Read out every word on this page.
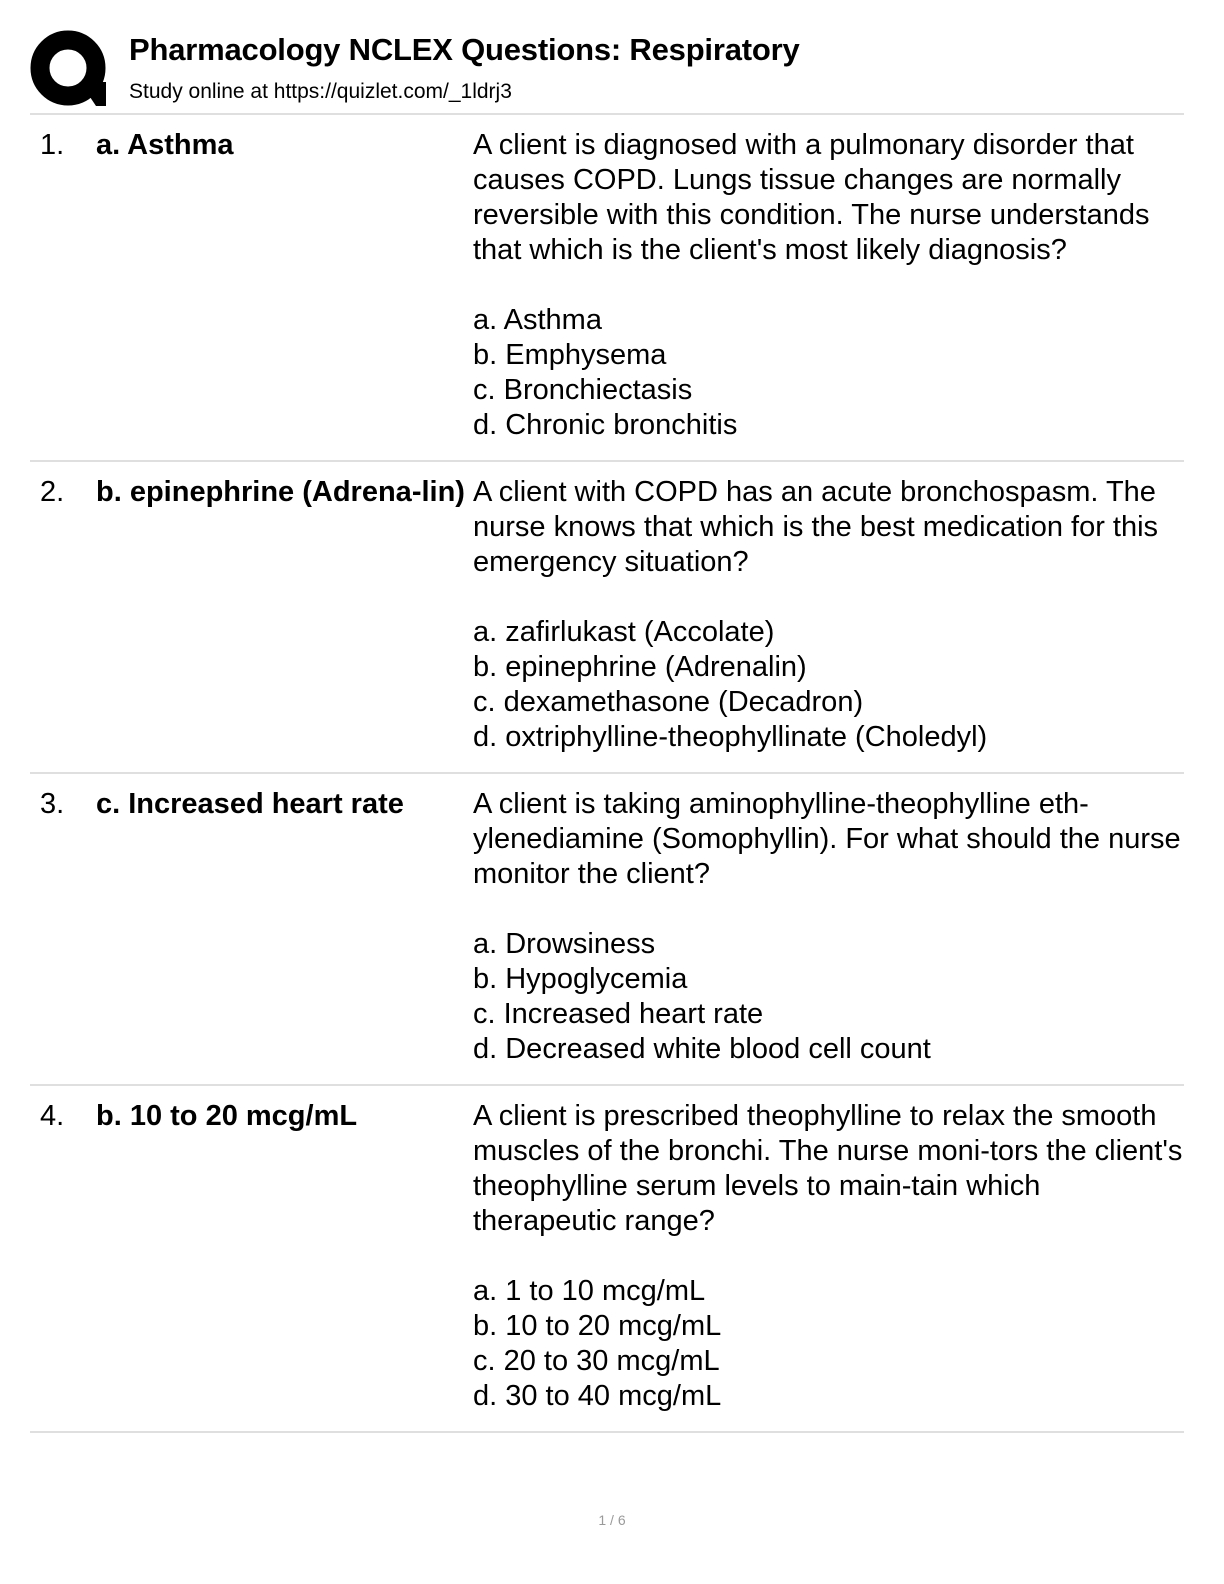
Pharmacology NCLEX Questions: Respiratory
Study online at https://quizlet.com/_1ldrj3
1. a. Asthma	A client is diagnosed with a pulmonary disorder that causes COPD. Lungs tissue changes are normally reversible with this condition. The nurse understands that which is the client's most likely diagnosis?

a. Asthma
b. Emphysema
c. Bronchiectasis
d. Chronic bronchitis

2. b. epinephrine (Adrena-lin) A client with COPD has an acute bronchospasm. The nurse knows that which is the best medication for this emergency situation?

a. zafirlukast (Accolate)
b. epinephrine (Adrenalin)
c. dexamethasone (Decadron)
d. oxtriphylline-theophyllinate (Choledyl)

3. c. Increased heart rate	A client is taking aminophylline-theophylline eth-ylenediamine (Somophyllin). For what should the nurse monitor the client?

a. Drowsiness
b. Hypoglycemia
c. Increased heart rate
d. Decreased white blood cell count

4. b. 10 to 20 mcg/mL	A client is prescribed theophylline to relax the smooth muscles of the bronchi. The nurse moni-tors the client's theophylline serum levels to main-tain which therapeutic range?

a. 1 to 10 mcg/mL
b. 10 to 20 mcg/mL
c. 20 to 30 mcg/mL
d. 30 to 40 mcg/mL

1 / 6
